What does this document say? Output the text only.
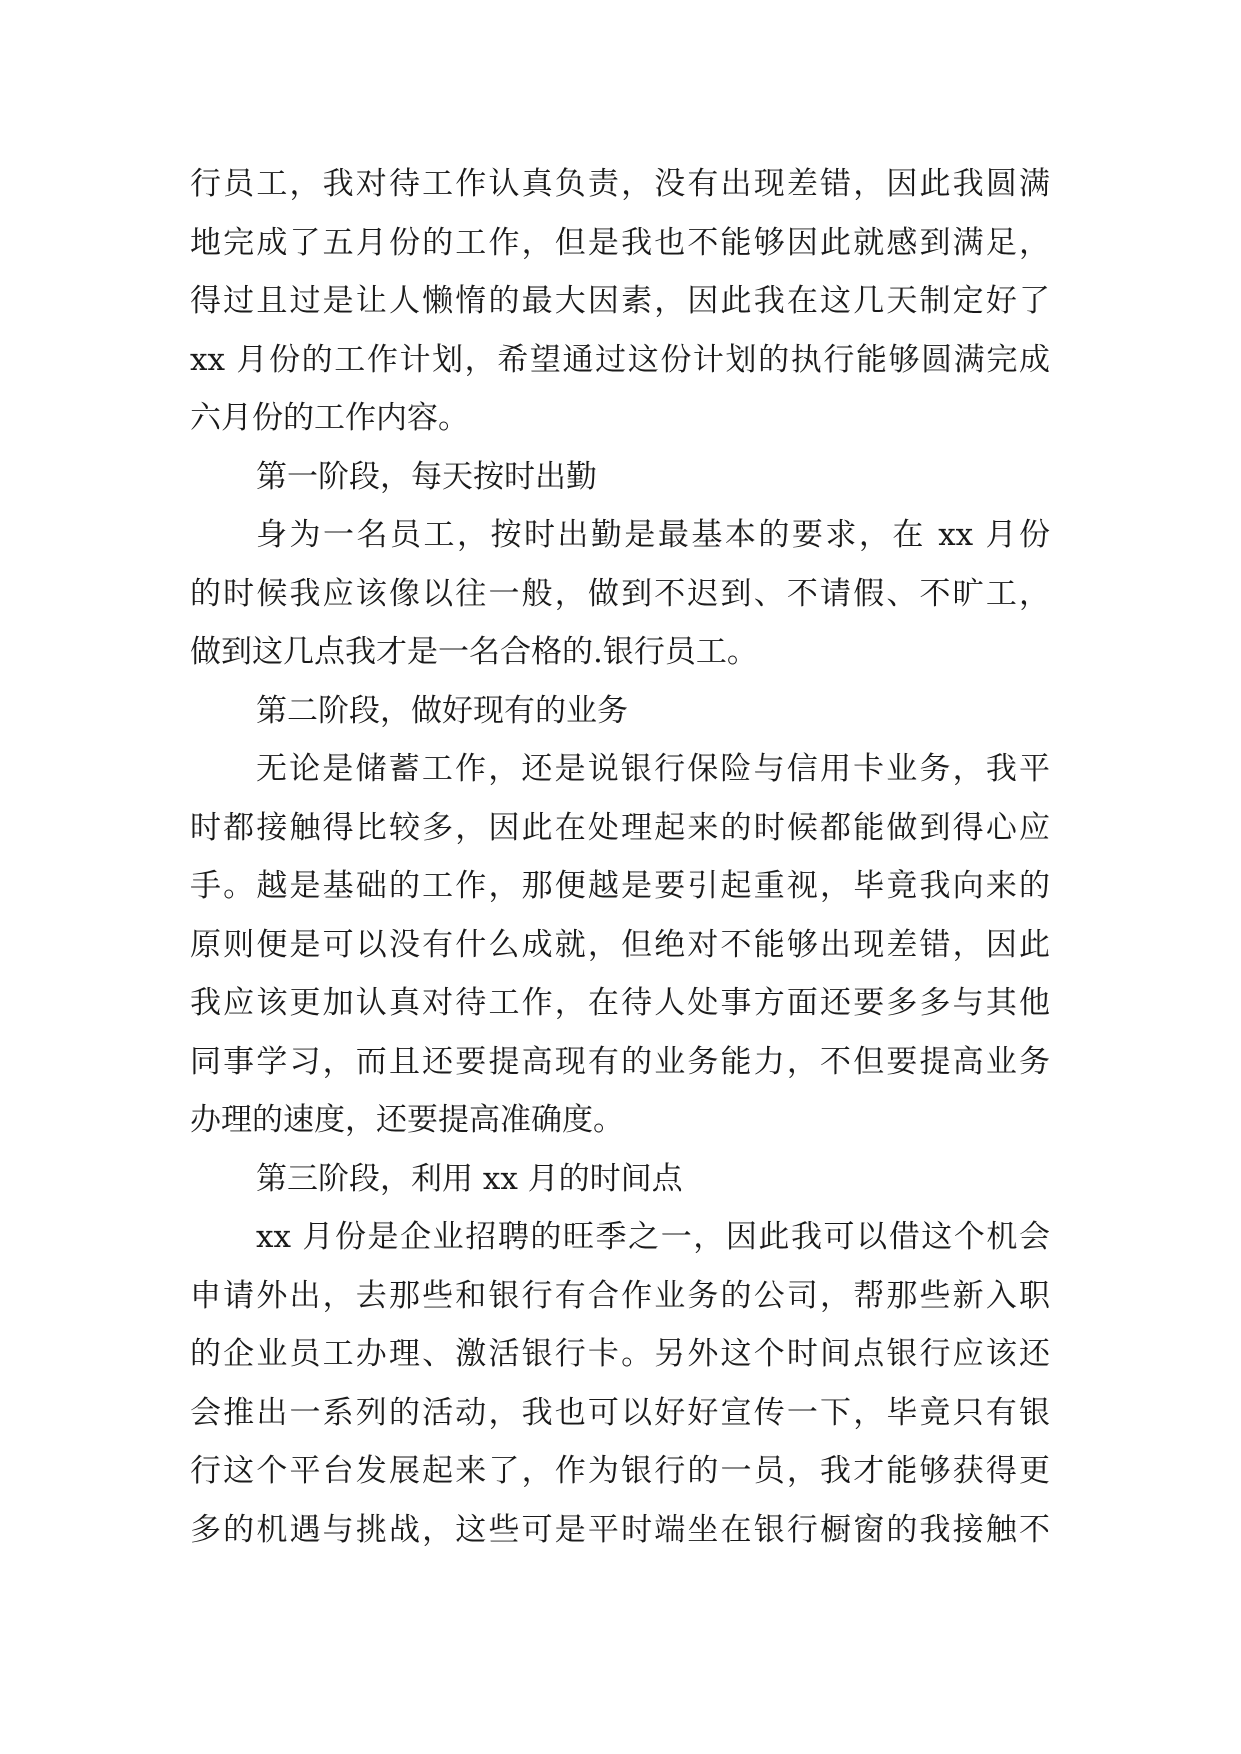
行员工，我对待工作认真负责，没有出现差错，因此我圆满
地完成了五月份的工作，但是我也不能够因此就感到满足，
得过且过是让人懒惰的最大因素，因此我在这几天制定好了
xx 月份的工作计划，希望通过这份计划的执行能够圆满完成
六月份的工作内容。
第一阶段，每天按时出勤
身为一名员工，按时出勤是最基本的要求，在 xx 月份
的时候我应该像以往一般，做到不迟到、不请假、不旷工，
做到这几点我才是一名合格的.银行员工。
第二阶段，做好现有的业务
无论是储蓄工作，还是说银行保险与信用卡业务，我平
时都接触得比较多，因此在处理起来的时候都能做到得心应
手。越是基础的工作，那便越是要引起重视，毕竟我向来的
原则便是可以没有什么成就，但绝对不能够出现差错，因此
我应该更加认真对待工作，在待人处事方面还要多多与其他
同事学习，而且还要提高现有的业务能力，不但要提高业务
办理的速度，还要提高准确度。
第三阶段，利用 xx 月的时间点
xx 月份是企业招聘的旺季之一，因此我可以借这个机会
申请外出，去那些和银行有合作业务的公司，帮那些新入职
的企业员工办理、激活银行卡。另外这个时间点银行应该还
会推出一系列的活动，我也可以好好宣传一下，毕竟只有银
行这个平台发展起来了，作为银行的一员，我才能够获得更
多的机遇与挑战，这些可是平时端坐在银行橱窗的我接触不
